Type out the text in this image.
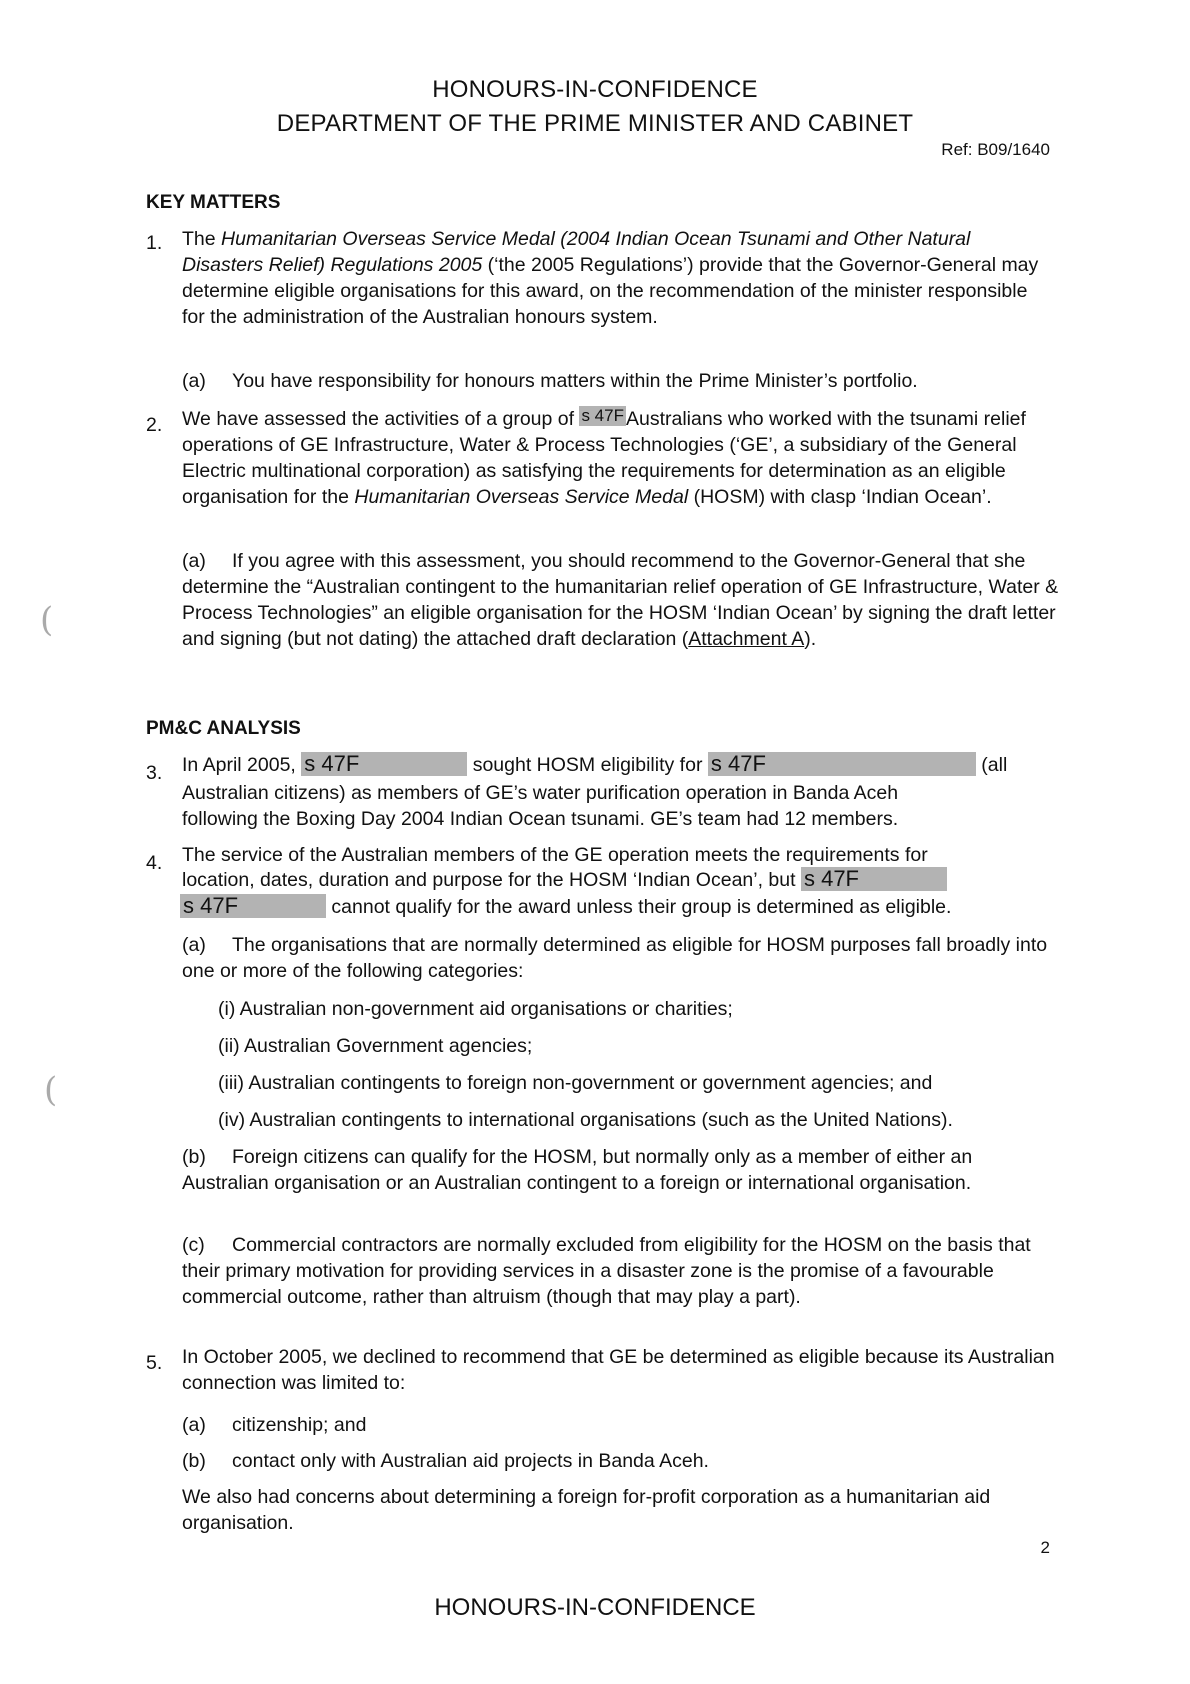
HONOURS-IN-CONFIDENCE
DEPARTMENT OF THE PRIME MINISTER AND CABINET
Ref: B09/1640
KEY MATTERS
1. The Humanitarian Overseas Service Medal (2004 Indian Ocean Tsunami and Other Natural Disasters Relief) Regulations 2005 (‘the 2005 Regulations’) provide that the Governor-General may determine eligible organisations for this award, on the recommendation of the minister responsible for the administration of the Australian honours system.
(a) You have responsibility for honours matters within the Prime Minister’s portfolio.
2. We have assessed the activities of a group of s 47F Australians who worked with the tsunami relief operations of GE Infrastructure, Water & Process Technologies (‘GE’, a subsidiary of the General Electric multinational corporation) as satisfying the requirements for determination as an eligible organisation for the Humanitarian Overseas Service Medal (HOSM) with clasp ‘Indian Ocean’.
(a) If you agree with this assessment, you should recommend to the Governor-General that she determine the “Australian contingent to the humanitarian relief operation of GE Infrastructure, Water & Process Technologies” an eligible organisation for the HOSM ‘Indian Ocean’ by signing the draft letter and signing (but not dating) the attached draft declaration (Attachment A).
(
PM&C ANALYSIS
3. In April 2005, s 47F	sought HOSM eligibility for s 47F	(all
Australian citizens) as members of GE’s water purification operation in Banda Aceh
following the Boxing Day 2004 Indian Ocean tsunami. GE’s team had 12 members.
4. The service of the Australian members of the GE operation meets the requirements for
location, dates, duration and purpose for the HOSM ‘Indian Ocean’, but s 47F
s 47F	cannot qualify for the award unless their group is determined as eligible.
(a) The organisations that are normally determined as eligible for HOSM purposes fall broadly into one or more of the following categories:
(i) Australian non-government aid organisations or charities;
(ii) Australian Government agencies;
(iii) Australian contingents to foreign non-government or government agencies; and
(iv) Australian contingents to international organisations (such as the United Nations).
(
(b) Foreign citizens can qualify for the HOSM, but normally only as a member of either an Australian organisation or an Australian contingent to a foreign or international organisation.
(c) Commercial contractors are normally excluded from eligibility for the HOSM on the basis that their primary motivation for providing services in a disaster zone is the promise of a favourable commercial outcome, rather than altruism (though that may play a part).
5. In October 2005, we declined to recommend that GE be determined as eligible because its Australian connection was limited to:
(a) citizenship; and
(b) contact only with Australian aid projects in Banda Aceh.
We also had concerns about determining a foreign for-profit corporation as a humanitarian aid organisation.
2
HONOURS-IN-CONFIDENCE
